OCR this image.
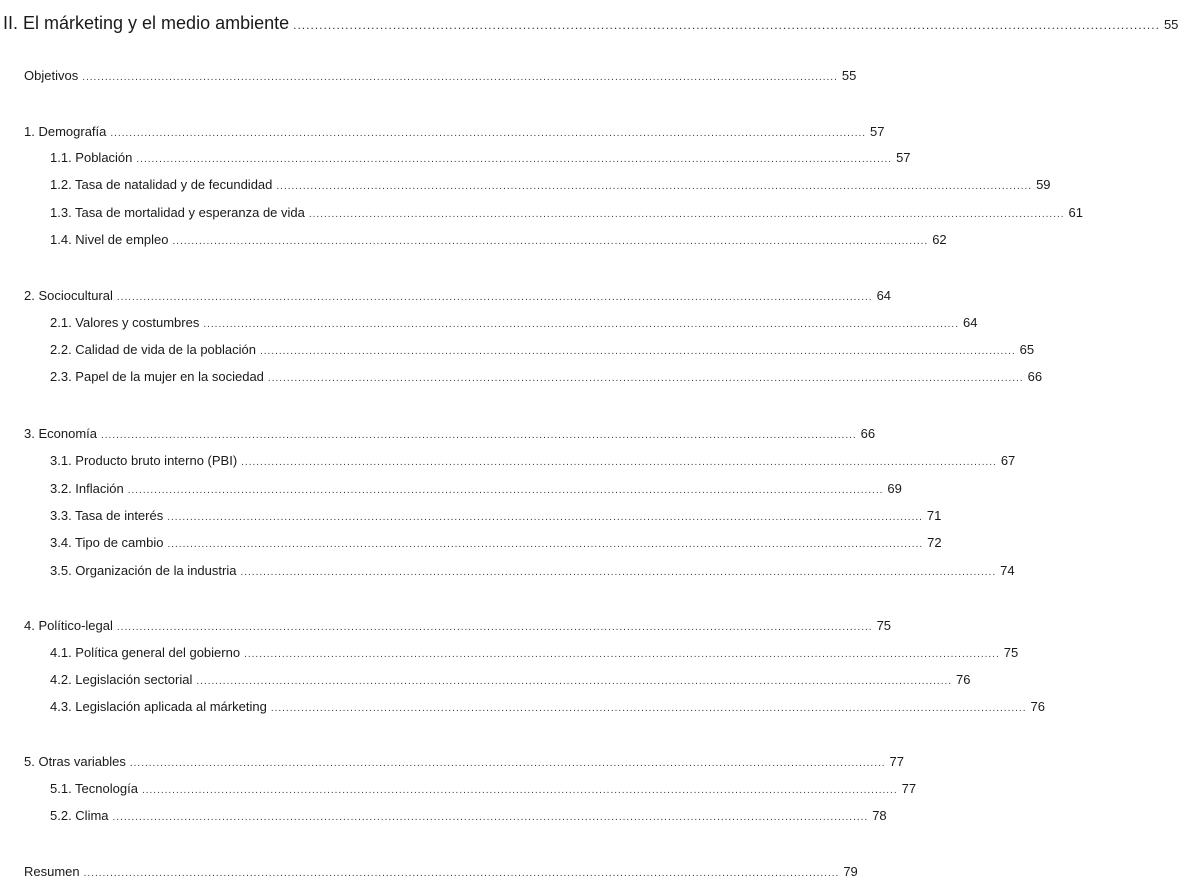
II. El márketing y el medio ambiente ........................................................................................................................................................................................................ 55
Objetivos ........................................................................................................................................................................................................ 55
1. Demografía ........................................................................................................................................................................................................ 57
1.1. Población ........................................................................................................................................................................................................ 57
1.2. Tasa de natalidad y de fecundidad ........................................................................................................................................................................................................ 59
1.3. Tasa de mortalidad y esperanza de vida ........................................................................................................................................................................................................ 61
1.4. Nivel de empleo ........................................................................................................................................................................................................ 62
2. Sociocultural ........................................................................................................................................................................................................ 64
2.1. Valores y costumbres ........................................................................................................................................................................................................ 64
2.2. Calidad de vida de la población ........................................................................................................................................................................................................ 65
2.3. Papel de la mujer en la sociedad ........................................................................................................................................................................................................ 66
3. Economía ........................................................................................................................................................................................................ 66
3.1. Producto bruto interno (PBI) ........................................................................................................................................................................................................ 67
3.2. Inflación ........................................................................................................................................................................................................ 69
3.3. Tasa de interés ........................................................................................................................................................................................................ 71
3.4. Tipo de cambio ........................................................................................................................................................................................................ 72
3.5. Organización de la industria ........................................................................................................................................................................................................ 74
4. Político-legal ........................................................................................................................................................................................................ 75
4.1. Política general del gobierno ........................................................................................................................................................................................................ 75
4.2. Legislación sectorial ........................................................................................................................................................................................................ 76
4.3. Legislación aplicada al márketing ........................................................................................................................................................................................................ 76
5. Otras variables ........................................................................................................................................................................................................ 77
5.1. Tecnología ........................................................................................................................................................................................................ 77
5.2. Clima ........................................................................................................................................................................................................ 78
Resumen ........................................................................................................................................................................................................ 79
